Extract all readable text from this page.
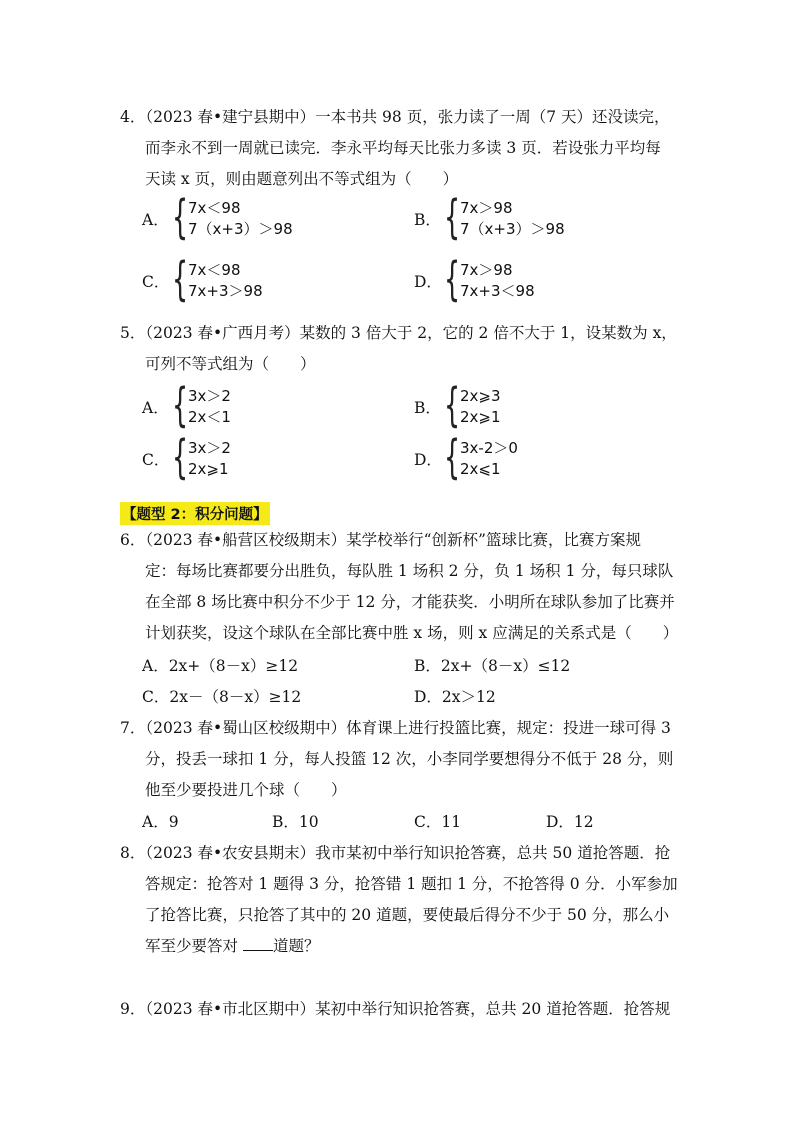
4．（2023 春•建宁县期中）一本书共 98 页，张力读了一周（7 天）还没读完，
而李永不到一周就已读完．李永平均每天比张力多读 3 页．若设张力平均每
天读 x 页，则由题意列出不等式组为（　　）
A． { 7x＜98
7（x+3）＞98	B． { 7x＞98
7（x+3）＞98
C． { 7x＜98
7x+3＞98	D． { 7x＞98
7x+3＜98
5．（2023 春•广西月考）某数的 3 倍大于 2，它的 2 倍不大于 1，设某数为 x，
可列不等式组为（　　）
A． { 3x＞2
2x＜1	B． { 2x⩾3
2x⩾1
C． { 3x＞2
2x⩾1	D． { 3x-2＞0
2x⩽1
【题型 2：积分问题】
6．（2023 春•船营区校级期末）某学校举行“创新杯”篮球比赛，比赛方案规
定：每场比赛都要分出胜负，每队胜 1 场积 2 分，负 1 场积 1 分，每只球队
在全部 8 场比赛中积分不少于 12 分，才能获奖．小明所在球队参加了比赛并
计划获奖，设这个球队在全部比赛中胜 x 场，则 x 应满足的关系式是（　　）
A．2x+（8－x）≥12	B．2x+（8－x）≤12
C．2x－（8－x）≥12	D．2x＞12
7．（2023 春•蜀山区校级期中）体育课上进行投篮比赛，规定：投进一球可得 3
分，投丢一球扣 1 分，每人投篮 12 次，小李同学要想得分不低于 28 分，则
他至少要投进几个球（　　）
A．9	B．10	C．11	D．12
8．（2023 春•农安县期末）我市某初中举行知识抢答赛，总共 50 道抢答题．抢
答规定：抢答对 1 题得 3 分，抢答错 1 题扣 1 分，不抢答得 0 分．小军参加
了抢答比赛，只抢答了其中的 20 道题，要使最后得分不少于 50 分，那么小
军至少要答对 道题？
9．（2023 春•市北区期中）某初中举行知识抢答赛，总共 20 道抢答题．抢答规
